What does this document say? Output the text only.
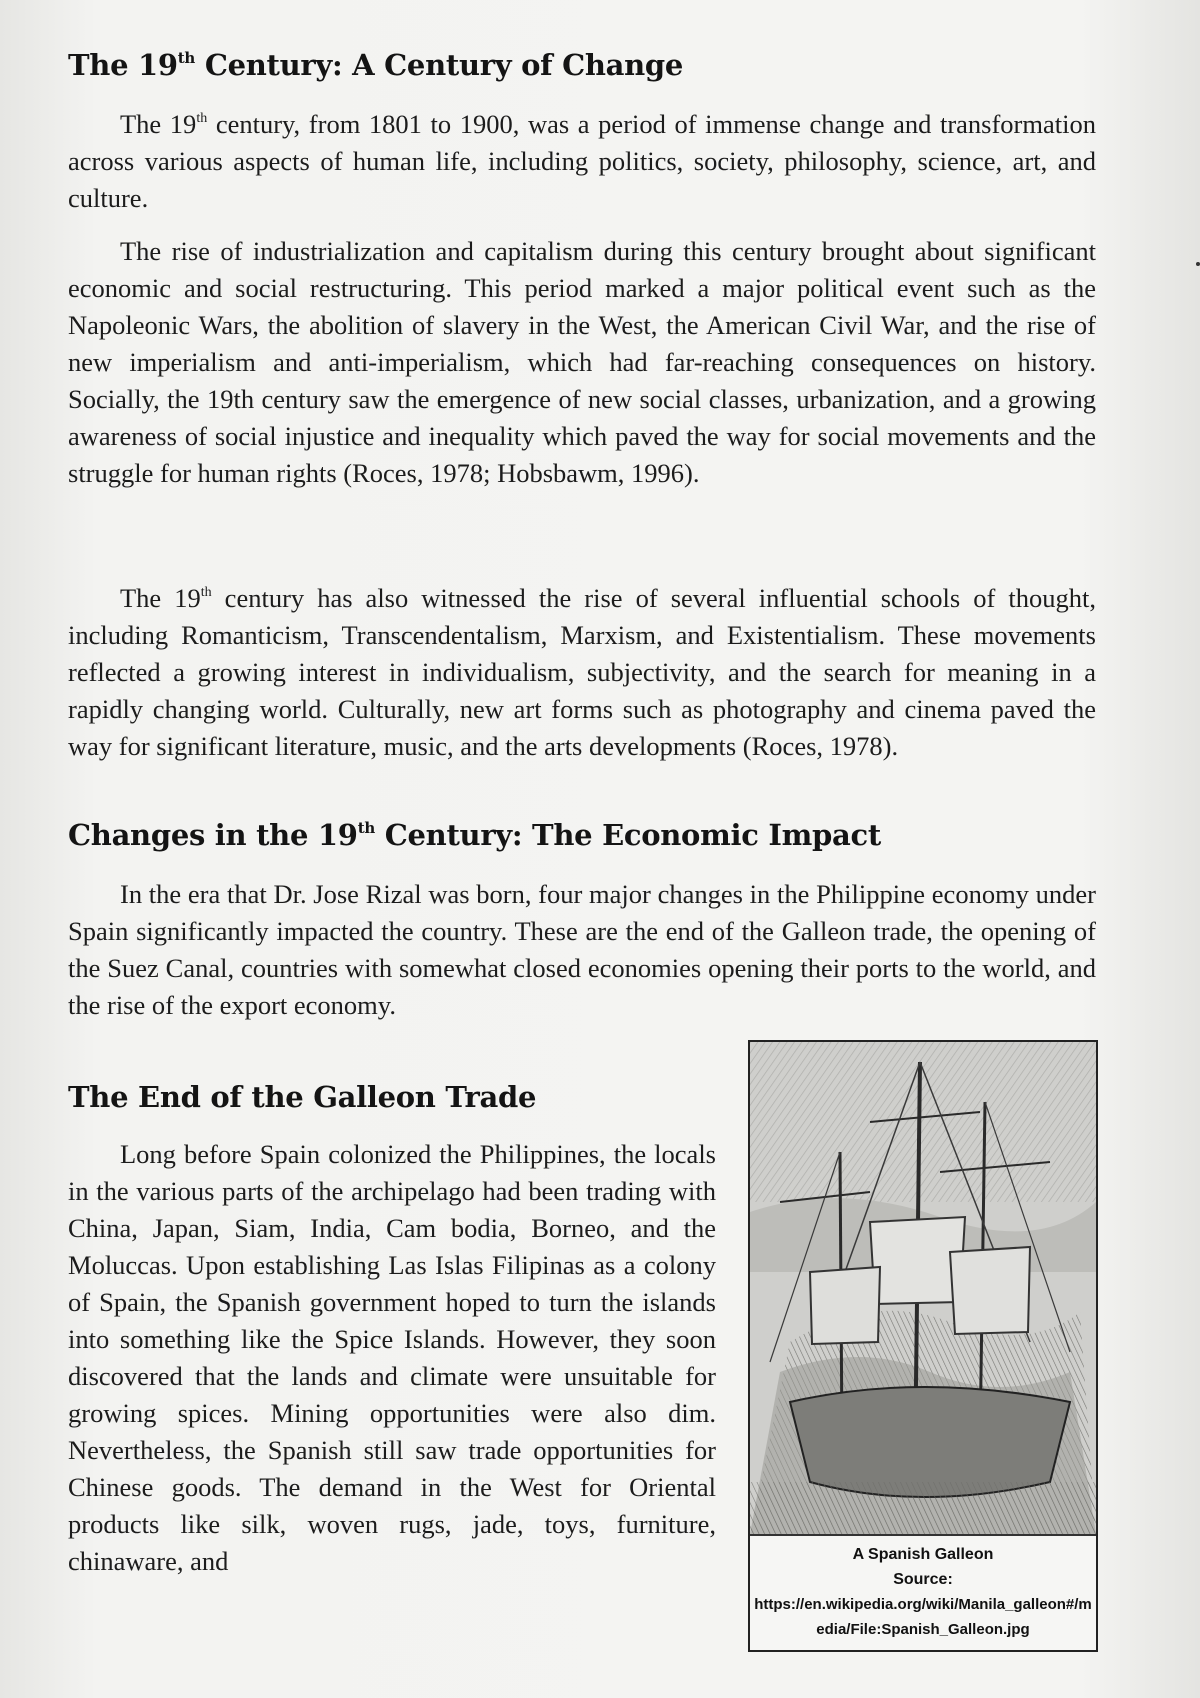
The 19th Century: A Century of Change

The 19th century, from 1801 to 1900, was a period of immense change and transformation across various aspects of human life, including politics, society, philosophy, science, art, and culture.

The rise of industrialization and capitalism during this century brought about significant economic and social restructuring. This period marked a major political event such as the Napoleonic Wars, the abolition of slavery in the West, the American Civil War, and the rise of new imperialism and anti-imperialism, which had far-reaching consequences on history. Socially, the 19th century saw the emergence of new social classes, urbanization, and a growing awareness of social injustice and inequality which paved the way for social movements and the struggle for human rights (Roces, 1978; Hobsbawm, 1996).

The 19th century has also witnessed the rise of several influential schools of thought, including Romanticism, Transcendentalism, Marxism, and Existentialism. These movements reflected a growing interest in individualism, subjectivity, and the search for meaning in a rapidly changing world. Culturally, new art forms such as photography and cinema paved the way for significant literature, music, and the arts developments (Roces, 1978).

Changes in the 19th Century: The Economic Impact

In the era that Dr. Jose Rizal was born, four major changes in the Philippine economy under Spain significantly impacted the country. These are the end of the Galleon trade, the opening of the Suez Canal, countries with somewhat closed economies opening their ports to the world, and the rise of the export economy.

The End of the Galleon Trade

Long before Spain colonized the Philippines, the locals in the various parts of the archipelago had been trading with China, Japan, Siam, India, Cam bodia, Borneo, and the Moluccas. Upon establishing Las Islas Filipinas as a colony of Spain, the Spanish government hoped to turn the islands into something like the Spice Islands. However, they soon discovered that the lands and climate were unsuitable for growing spices. Mining opportunities were also dim. Nevertheless, the Spanish still saw trade opportunities for Chinese goods. The demand in the West for Oriental products like silk, woven rugs, jade, toys, furniture, chinaware, and	A Spanish Galleon
Source:
https://en.wikipedia.org/wiki/Manila_galleon#/media/File:Spanish_Galleon.jpg
